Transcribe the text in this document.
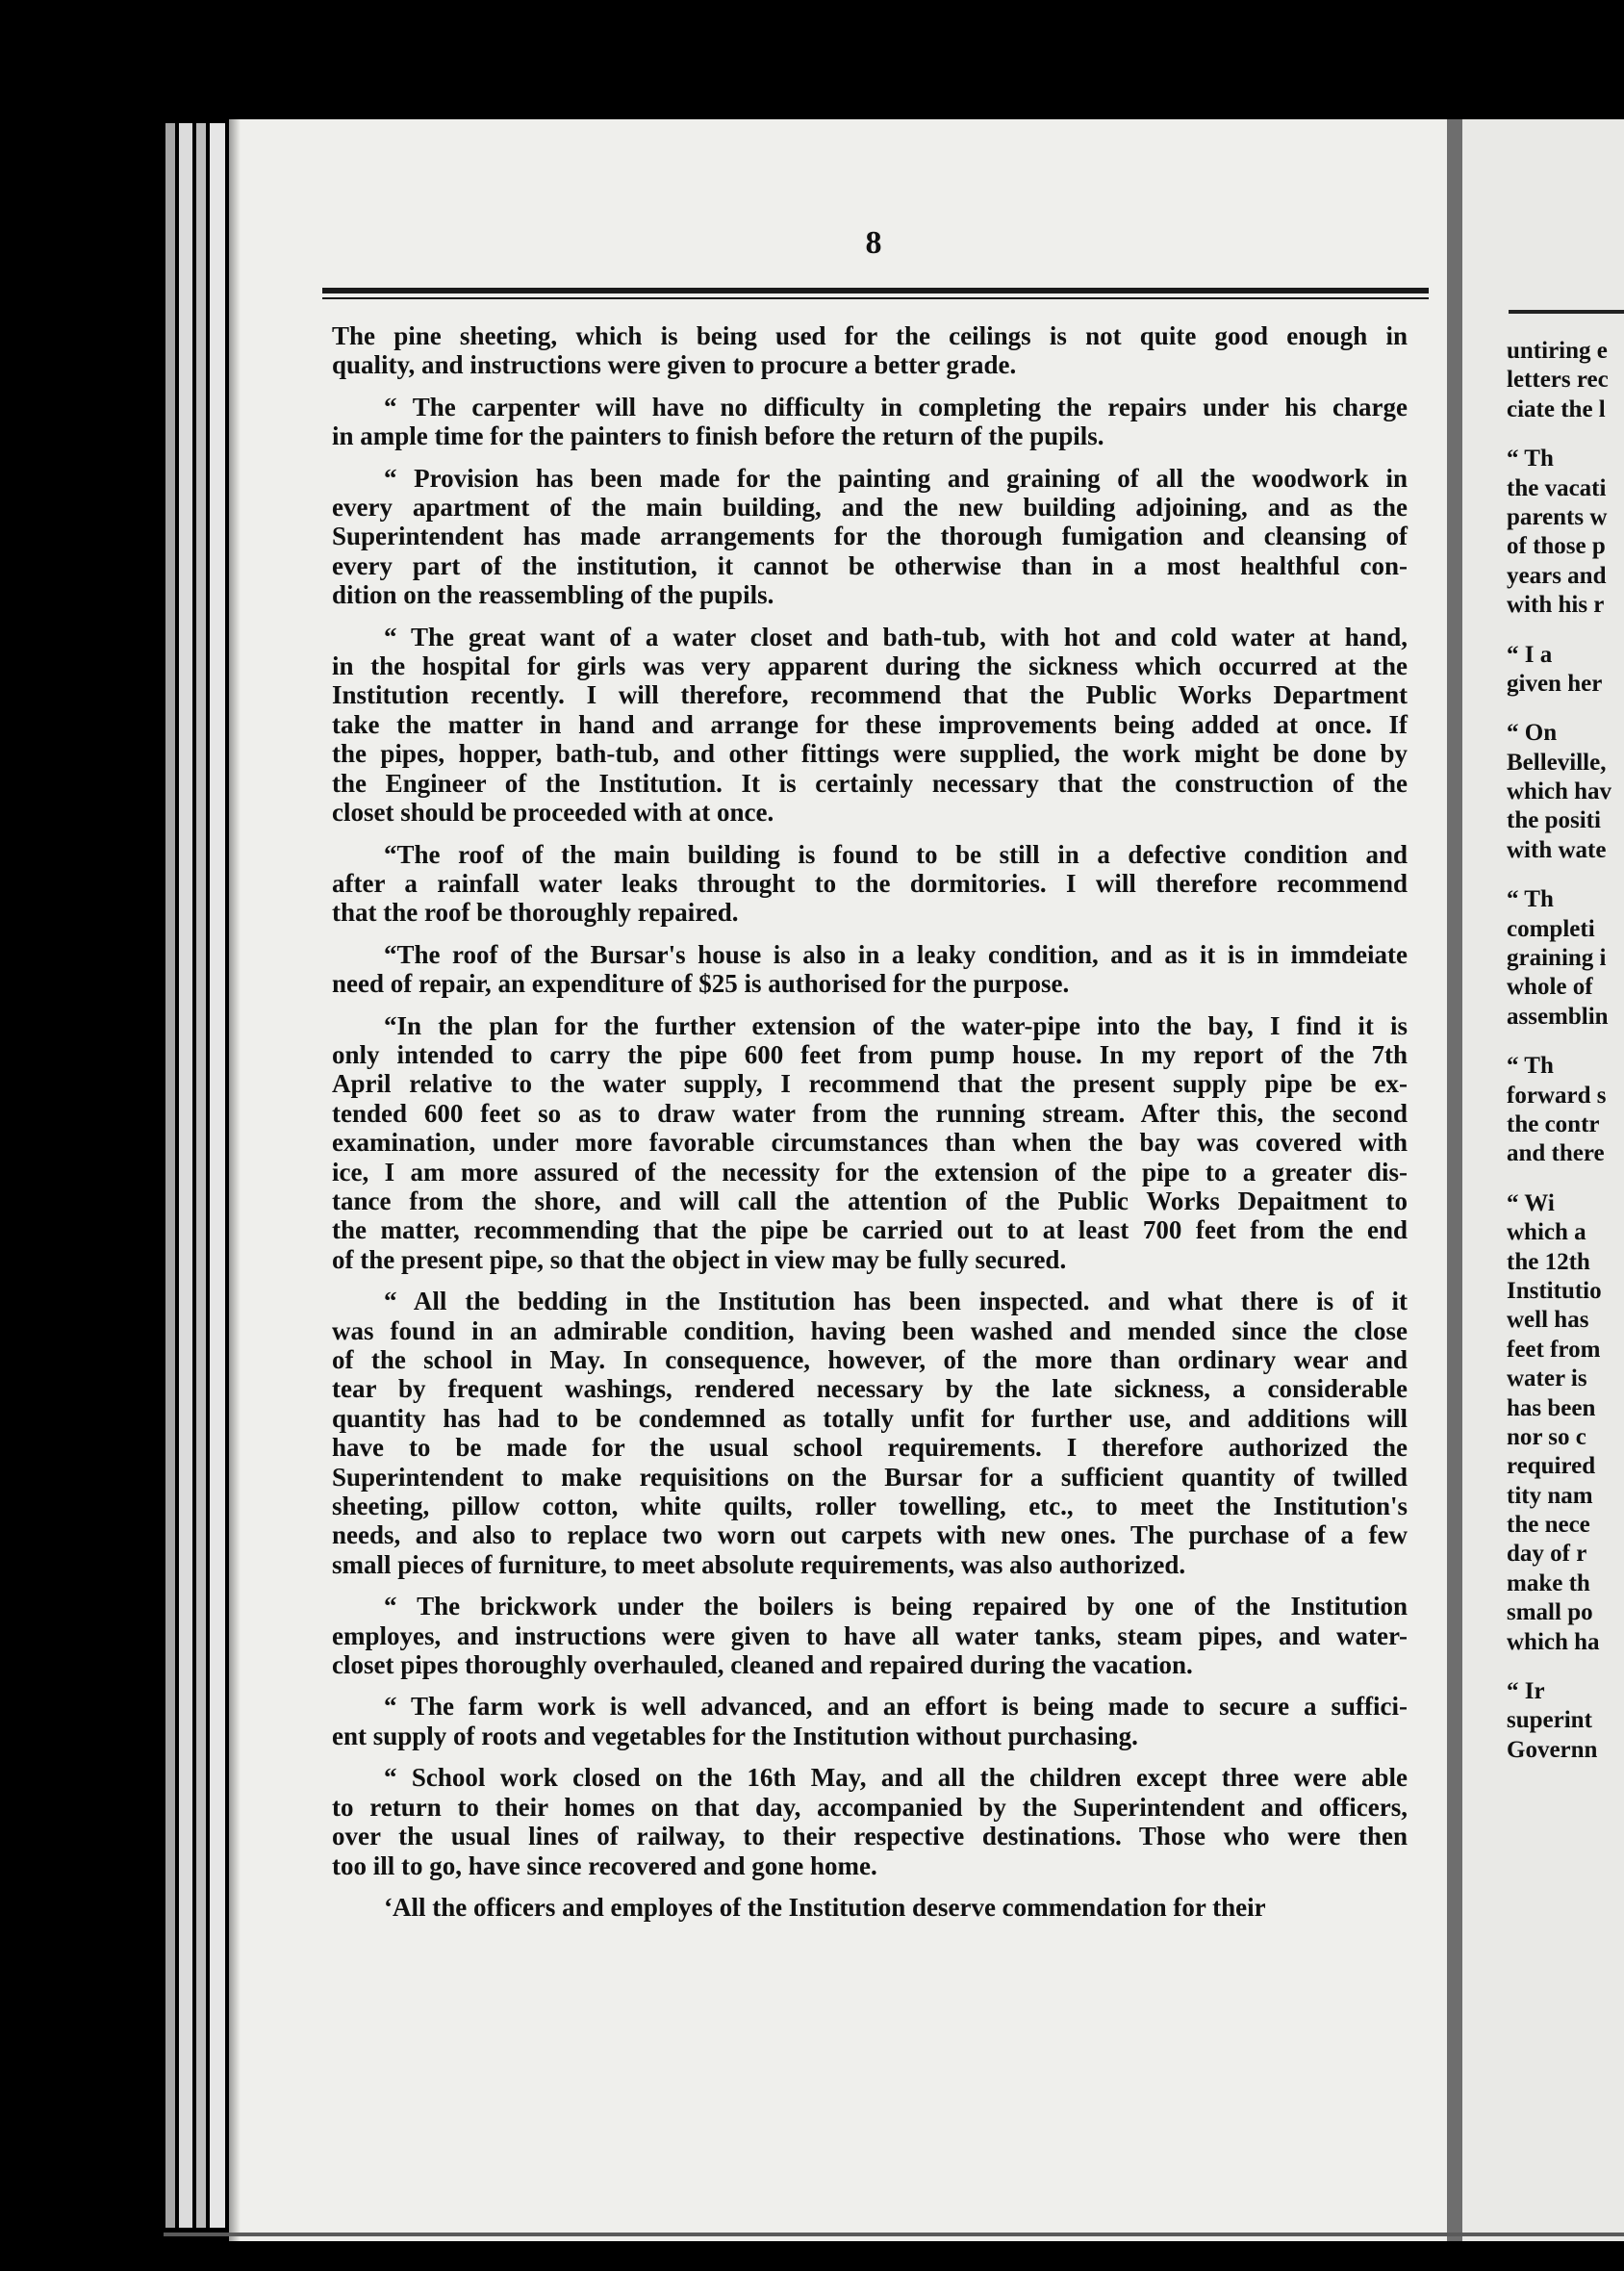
8
The pine sheeting, which is being used for the ceilings is not quite good enough in
quality, and instructions were given to procure a better grade.
“ The carpenter will have no difficulty in completing the repairs under his charge
in ample time for the painters to finish before the return of the pupils.
“ Provision has been made for the painting and graining of all the woodwork in
every apartment of the main building, and the new building adjoining, and as the
Superintendent has made arrangements for the thorough fumigation and cleansing of
every part of the institution, it cannot be otherwise than in a most healthful con-
dition on the reassembling of the pupils.
“ The great want of a water closet and bath-tub, with hot and cold water at hand,
in the hospital for girls was very apparent during the sickness which occurred at the
Institution recently. I will therefore, recommend that the Public Works Department
take the matter in hand and arrange for these improvements being added at once. If
the pipes, hopper, bath-tub, and other fittings were supplied, the work might be done by
the Engineer of the Institution. It is certainly necessary that the construction of the
closet should be proceeded with at once.
“The roof of the main building is found to be still in a defective condition and
after a rainfall water leaks throught to the dormitories. I will therefore recommend
that the roof be thoroughly repaired.
“The roof of the Bursar's house is also in a leaky condition, and as it is in immdeiate
need of repair, an expenditure of $25 is authorised for the purpose.
“In the plan for the further extension of the water-pipe into the bay, I find it is
only intended to carry the pipe 600 feet from pump house. In my report of the 7th
April relative to the water supply, I recommend that the present supply pipe be ex-
tended 600 feet so as to draw water from the running stream. After this, the second
examination, under more favorable circumstances than when the bay was covered with
ice, I am more assured of the necessity for the extension of the pipe to a greater dis-
tance from the shore, and will call the attention of the Public Works Depaitment to
the matter, recommending that the pipe be carried out to at least 700 feet from the end
of the present pipe, so that the object in view may be fully secured.
“ All the bedding in the Institution has been inspected. and what there is of it
was found in an admirable condition, having been washed and mended since the close
of the school in May. In consequence, however, of the more than ordinary wear and
tear by frequent washings, rendered necessary by the late sickness, a considerable
quantity has had to be condemned as totally unfit for further use, and additions will
have to be made for the usual school requirements. I therefore authorized the
Superintendent to make requisitions on the Bursar for a sufficient quantity of twilled
sheeting, pillow cotton, white quilts, roller towelling, etc., to meet the Institution's
needs, and also to replace two worn out carpets with new ones. The purchase of a few
small pieces of furniture, to meet absolute requirements, was also authorized.
“ The brickwork under the boilers is being repaired by one of the Institution
employes, and instructions were given to have all water tanks, steam pipes, and water-
closet pipes thoroughly overhauled, cleaned and repaired during the vacation.
“ The farm work is well advanced, and an effort is being made to secure a suffici-
ent supply of roots and vegetables for the Institution without purchasing.
“ School work closed on the 16th May, and all the children except three were able
to return to their homes on that day, accompanied by the Superintendent and officers,
over the usual lines of railway, to their respective destinations. Those who were then
too ill to go, have since recovered and gone home.
‘All the officers and employes of the Institution deserve commendation for their
untiring e
letters rec
ciate the l
“ Th
the vacati
parents w
of those p
years and
with his r
“ I a
given her
“ On
Belleville,
which hav
the positi
with wate
“ Th
completi
graining i
whole of
assemblin
“ Th
forward s
the contr
and there
“ Wi
which a
the 12th
Institutio
well has
feet from
water is
has been
nor so c
required
tity nam
the nece
day of r
make th
small po
which ha
“ Ir
superint
Governn
